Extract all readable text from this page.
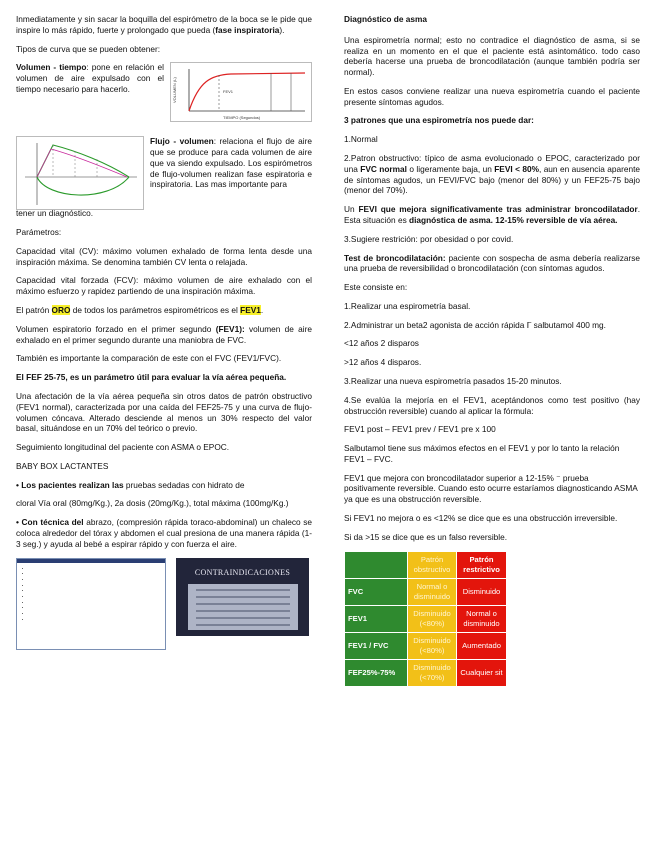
Inmediatamente y sin sacar la boquilla del espirómetro de la boca se le pide que inspire lo más rápido, fuerte y prolongado que pueda (fase inspiratoria).

Tipos de curva que se pueden obtener:

Volumen - tiempo: pone en relación el volumen de aire expulsado con el tiempo necesario para hacerlo.	VOLUMEN (L)
TIEMPO (Segundos)
FEV1

Flujo - volumen: relaciona el flujo de aire que se produce para cada volumen de aire que va siendo expulsado. Los espirómetros de flujo-volumen realizan fase espiratoria e inspiratoria. Las mas importante para

tener un diagnóstico.

Parámetros:

Capacidad vital (CV): máximo volumen exhalado de forma lenta desde una inspiración máxima. Se denomina también CV lenta o relajada.

Capacidad vital forzada (FCV): máximo volumen de aire exhalado con el máximo esfuerzo y rapidez partiendo de una inspiración máxima.

El patrón ORO de todos los parámetros espirométricos es el FEV1.

Volumen espiratorio forzado en el primer segundo (FEV1): volumen de aire exhalado en el primer segundo durante una maniobra de FVC.

También es importante la comparación de este con el FVC (FEV1/FVC).

El FEF 25-75, es un parámetro útil para evaluar la vía aérea pequeña.

Una afectación de la vía aérea pequeña sin otros datos de patrón obstructivo (FEV1 normal), caracterizada por una caída del FEF25-75 y una curva de flujo-volumen cóncava. Alterado desciende al menos un 30% respecto del valor basal, situándose en un 70% del teórico o previo.

Seguimiento longitudinal del paciente con ASMA o EPOC.

BABY BOX LACTANTES

• Los pacientes realizan las pruebas sedadas con hidrato de

cloral Vía oral (80mg/Kg.), 2a dosis (20mg/Kg.), total máxima (100mg/Kg.)

• Con técnica del abrazo, (compresión rápida toraco-abdominal) un chaleco se coloca alrededor del tórax y abdomen el cual presiona de una manera rápida (1-3 seg.) y ayuda al bebé a espirar rápido y con fuerza el aire.

•
•
•
•
•
•
•
•
•
•
CONTRAINDICACIONES

Diagnóstico de asma

Una espirometría normal; esto no contradice el diagnóstico de asma, si se realiza en un momento en el que el paciente está asintomático. todo caso debería hacerse una prueba de broncodilatación (aunque también podría ser normal).

En estos casos conviene realizar una nueva espirometría cuando el paciente presente síntomas agudos.

3 patrones que una espirometría nos puede dar:

1.Normal

2.Patron obstructivo: típico de asma evolucionado o EPOC, caracterizado por una FVC normal o ligeramente baja, un FEVI < 80%, aun en ausencia aparente de síntomas agudos, un FEVI/FVC bajo (menor del 80%) y un FEF25-75 bajo (menor del 70%).

Un FEVI que mejora significativamente tras administrar broncodilatador. Esta situación es diagnóstica de asma. 12-15% reversible de vía aérea.

3.Sugiere restrición: por obesidad o por covid.

Test de broncodilatación: paciente con sospecha de asma debería realizarse una prueba de reversibilidad o broncodilatación (con síntomas agudos.

Este consiste en:

1.Realizar una espirometría basal.

2.Administrar un beta2 agonista de acción rápida ᒥ salbutamol 400 mg.

<12 años 2 disparos

>12 años 4 disparos.

3.Realizar una nueva espirometría pasados 15-20 minutos.

4.Se evalúa la mejoría en el FEV1, aceptándonos como test positivo (hay obstrucción reversible) cuando al aplicar la fórmula:

FEV1 post – FEV1 prev / FEV1 pre x 100

Salbutamol tiene sus máximos efectos en el FEV1 y por lo tanto la relación FEV1 – FVC.

FEV1 que mejora con broncodilatador superior a 12-15% ⁻ prueba positivamente reversible. Cuando esto ocurre estaríamos diagnosticando ASMA ya que es una obstrucción reversible.

Si FEV1 no mejora o es <12% se dice que es una obstrucción irreversible.

Si da >15 se dice que es un falso reversible.

	Patrón obstructivo	Patrón restrictivo
FVC	Normal o disminuido	Disminuido
FEV1	Disminuido (<80%)	Normal o disminuido
FEV1 / FVC	Disminuido (<80%)	Aumentado
FEF25%-75%	Disminuido (<70%)	Cualquier sit
